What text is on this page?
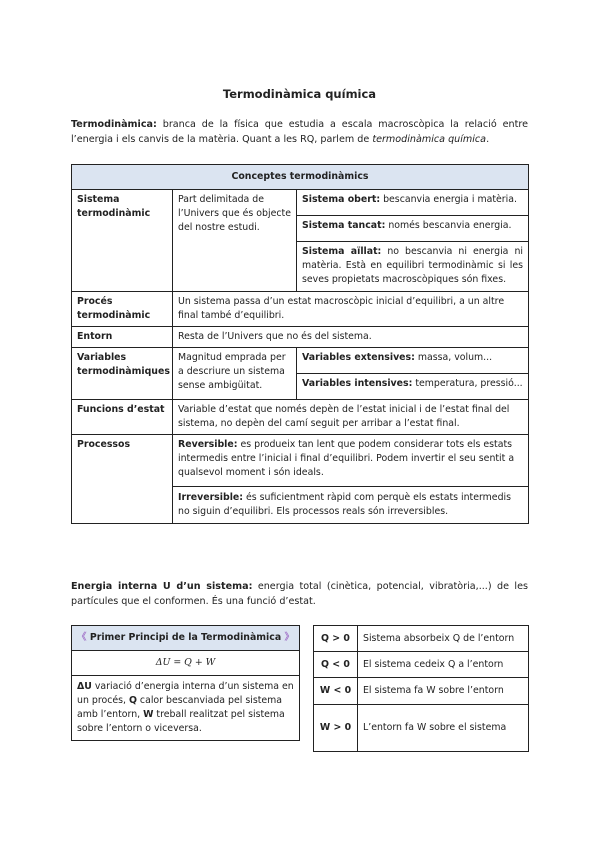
Termodinàmica química

Termodinàmica: branca de la física que estudia a escala macroscòpica la relació entre l’energia i els canvis de la matèria. Quant a les RQ, parlem de termodinàmica química.

Conceptes termodinàmics		
Sistema termodinàmic	Part delimitada de l’Univers que és objecte del nostre estudi.	Sistema obert: bescanvia energia i matèria.
		Sistema tancat: només bescanvia energia.
		Sistema aïllat: no bescanvia ni energia ni matèria. Està en equilibri termodinàmic si les seves propietats macroscòpiques són fixes.
Procés termodinàmic	Un sistema passa d’un estat macroscòpic inicial d’equilibri, a un altre final també d’equilibri.	
Entorn	Resta de l’Univers que no és del sistema.	
Variables termodinàmiques	Magnitud emprada per a descriure un sistema sense ambigüitat.	Variables extensives: massa, volum...
		Variables intensives: temperatura, pressió...
Funcions d’estat	Variable d’estat que només depèn de l’estat inicial i de l’estat final del sistema, no depèn del camí seguit per arribar a l’estat final.	
Processos	Reversible: es produeix tan lent que podem considerar tots els estats intermedis entre l’inicial i final d’equilibri. Podem invertir el seu sentit a qualsevol moment i són ideals.	
	Irreversible: és suficientment ràpid com perquè els estats intermedis no siguin d’equilibri. Els processos reals són irreversibles.	

Energia interna U d’un sistema: energia total (cinètica, potencial, vibratòria,...) de les partícules que el conformen. És una funció d’estat.

《 Primer Principi de la Termodinàmica 》
ΔU = Q + W
ΔU variació d’energia interna d’un sistema en un procés, Q calor bescanviada pel sistema amb l’entorn, W treball realitzat pel sistema sobre l’entorn o viceversa.
Q > 0	Sistema absorbeix Q de l’entorn
Q < 0	El sistema cedeix Q a l’entorn
W < 0	El sistema fa W sobre l’entorn
W > 0	L’entorn fa W sobre el sistema
